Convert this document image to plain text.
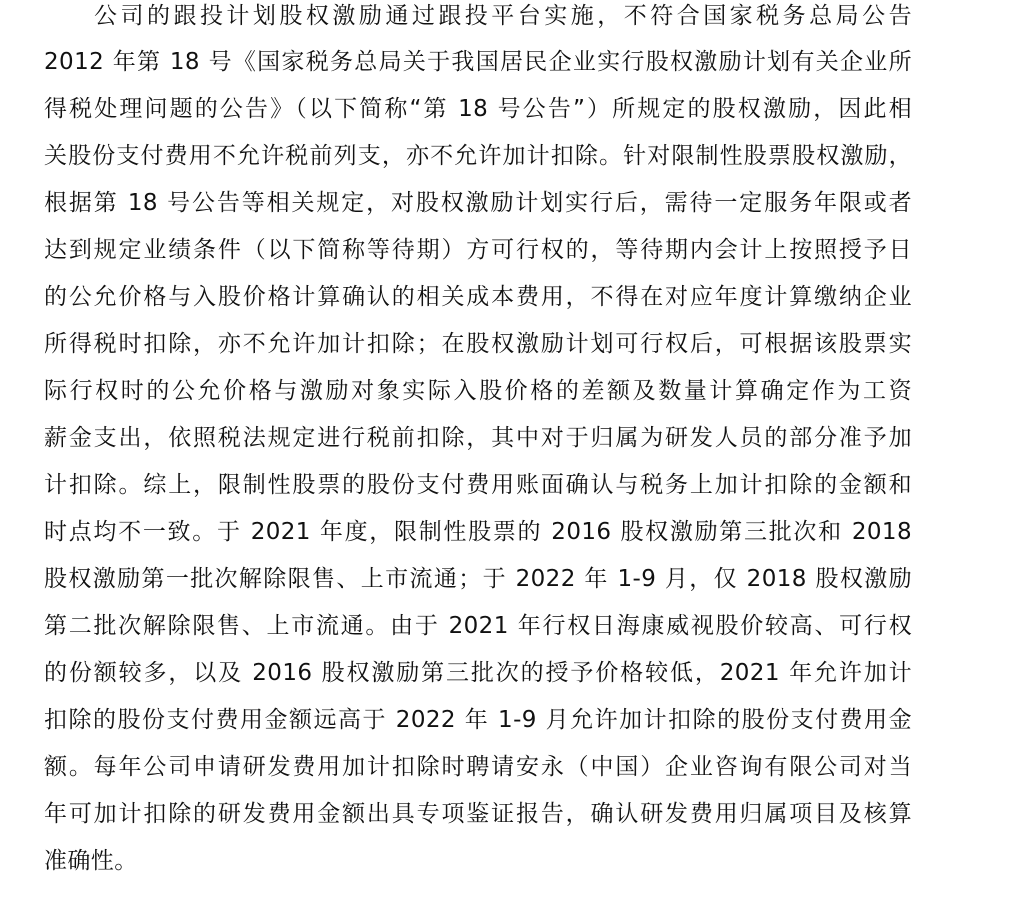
公司的跟投计划股权激励通过跟投平台实施，不符合国家税务总局公告
2012 年第 18 号《国家税务总局关于我国居民企业实行股权激励计划有关企业所
得税处理问题的公告》（以下简称“第 18 号公告”）所规定的股权激励，因此相
关股份支付费用不允许税前列支，亦不允许加计扣除。针对限制性股票股权激励，
根据第 18 号公告等相关规定，对股权激励计划实行后，需待一定服务年限或者
达到规定业绩条件（以下简称等待期）方可行权的，等待期内会计上按照授予日
的公允价格与入股价格计算确认的相关成本费用，不得在对应年度计算缴纳企业
所得税时扣除，亦不允许加计扣除；在股权激励计划可行权后，可根据该股票实
际行权时的公允价格与激励对象实际入股价格的差额及数量计算确定作为工资
薪金支出，依照税法规定进行税前扣除，其中对于归属为研发人员的部分准予加
计扣除。综上，限制性股票的股份支付费用账面确认与税务上加计扣除的金额和
时点均不一致。于 2021 年度，限制性股票的 2016 股权激励第三批次和 2018
股权激励第一批次解除限售、上市流通；于 2022 年 1-9 月，仅 2018 股权激励
第二批次解除限售、上市流通。由于 2021 年行权日海康威视股价较高、可行权
的份额较多，以及 2016 股权激励第三批次的授予价格较低，2021 年允许加计
扣除的股份支付费用金额远高于 2022 年 1-9 月允许加计扣除的股份支付费用金
额。每年公司申请研发费用加计扣除时聘请安永（中国）企业咨询有限公司对当
年可加计扣除的研发费用金额出具专项鉴证报告，确认研发费用归属项目及核算
准确性。
